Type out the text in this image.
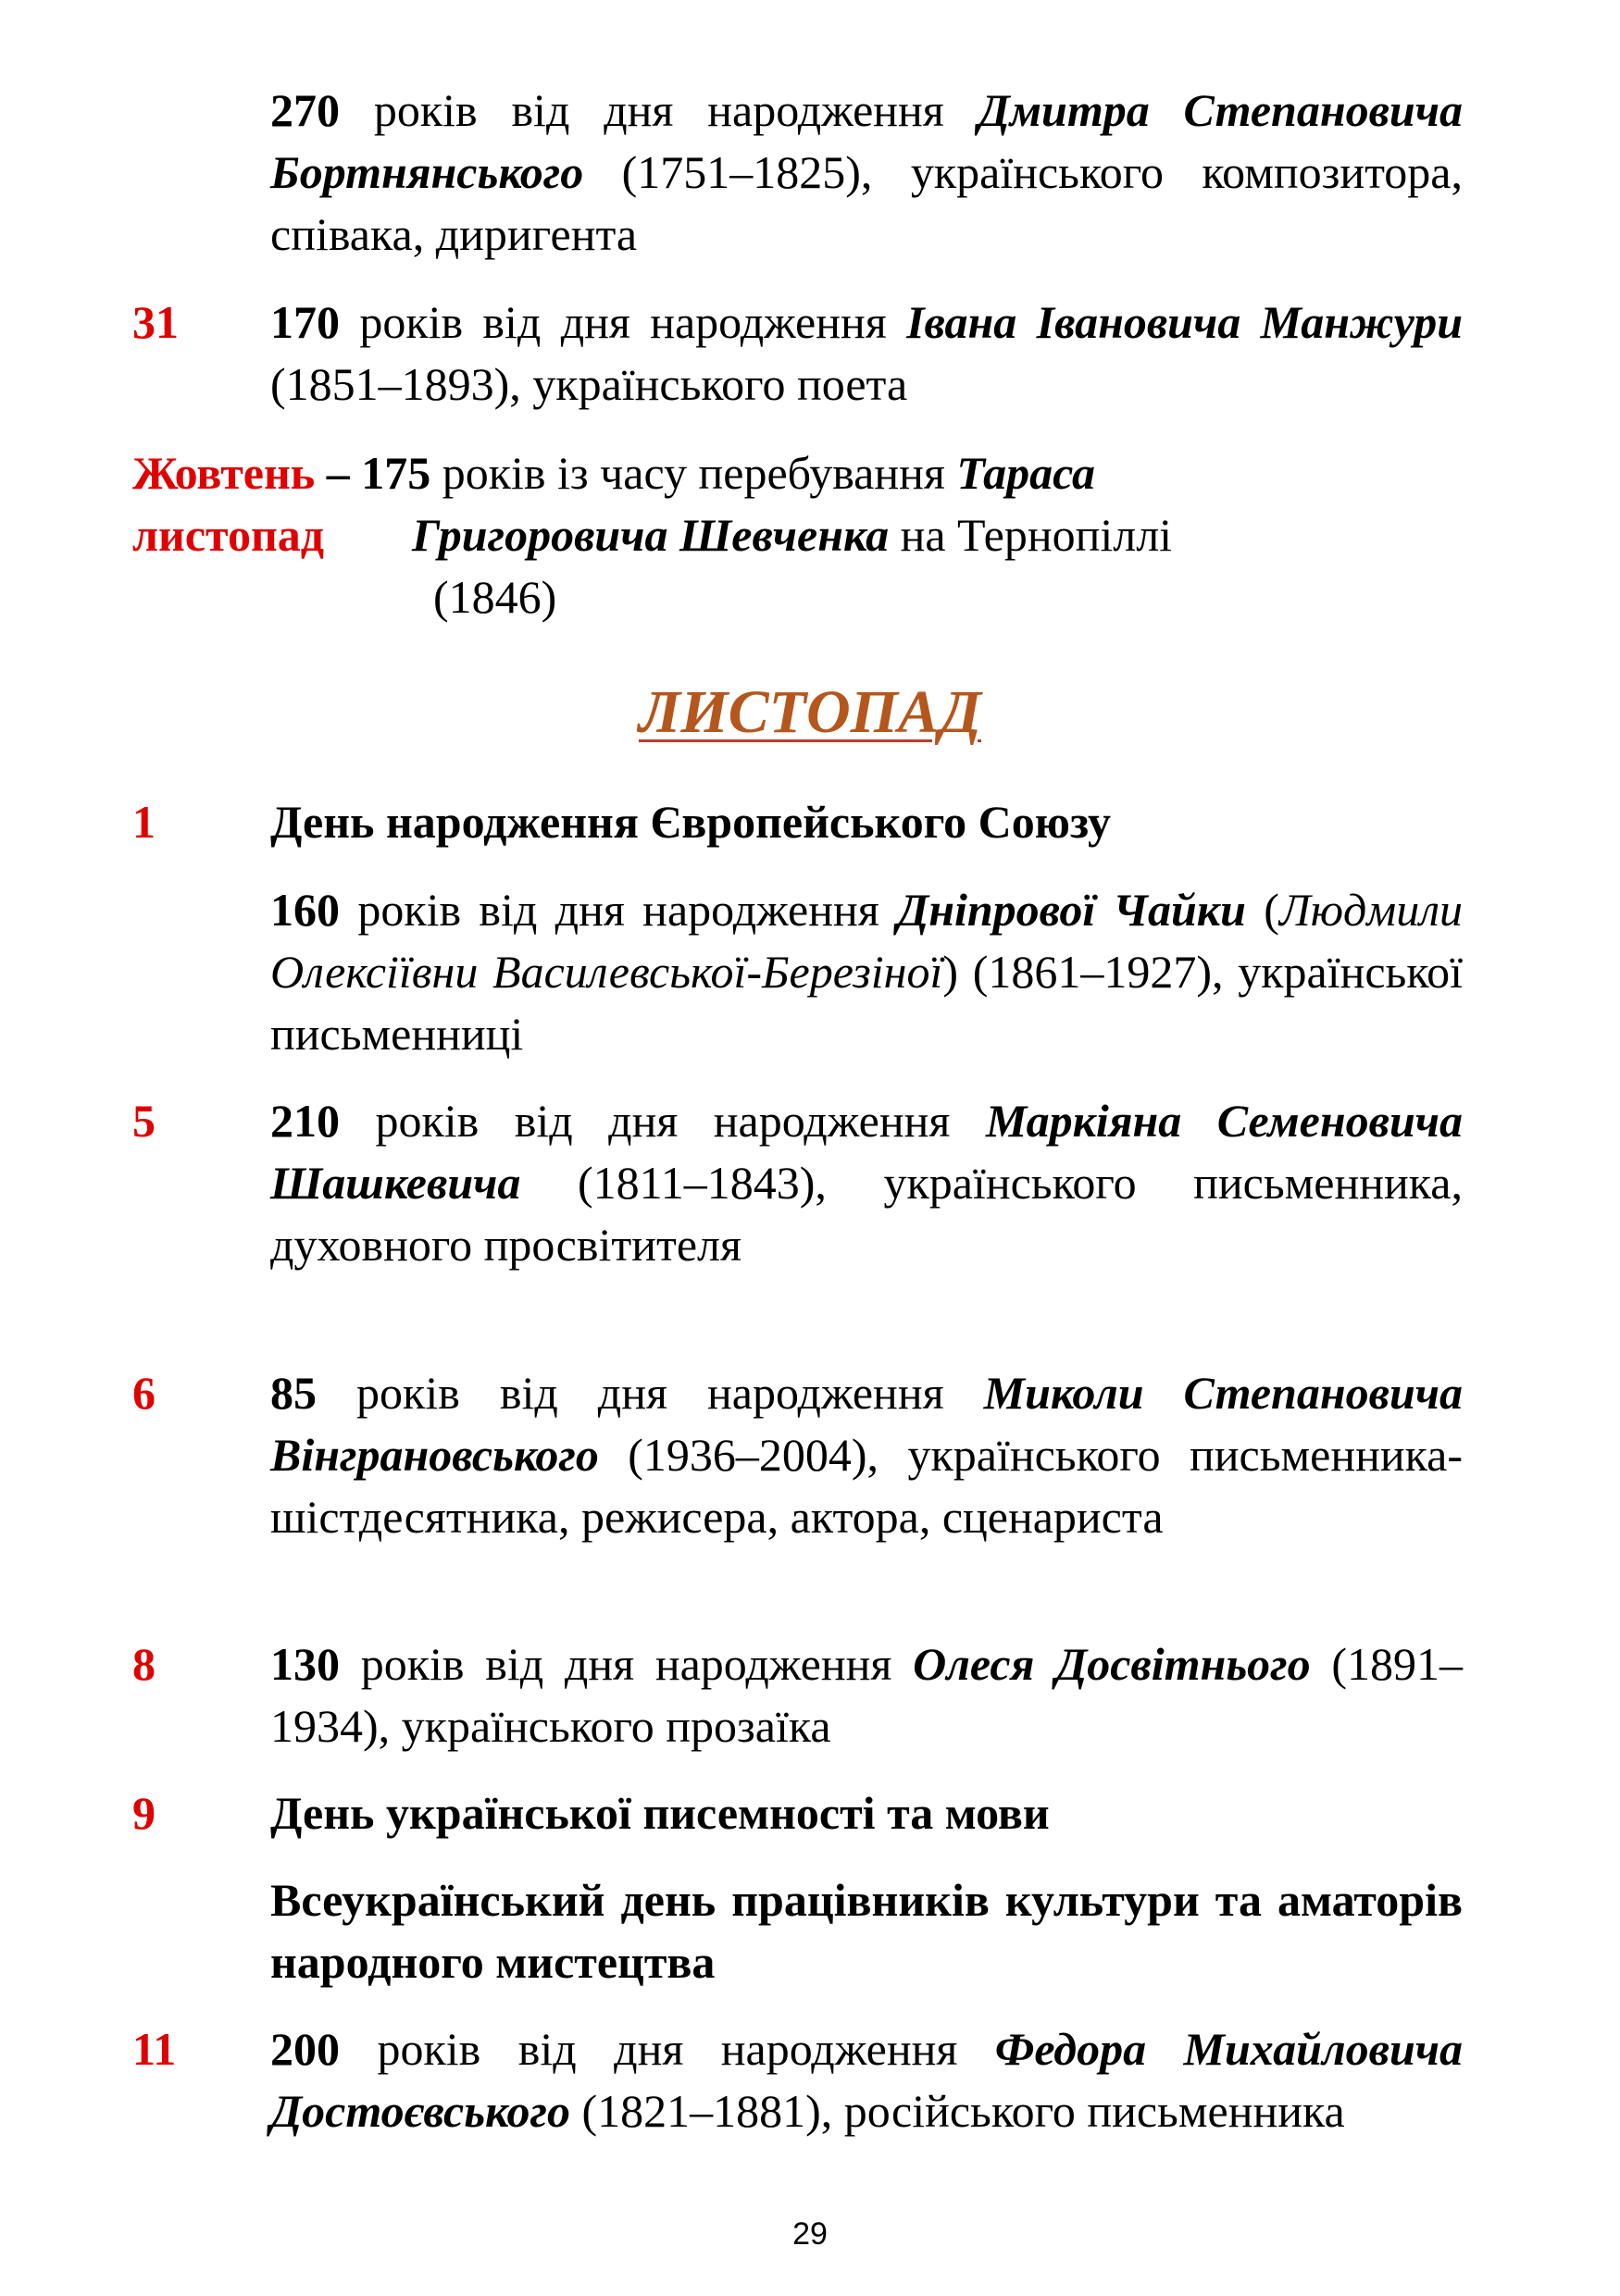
270 років від дня народження Дмитра Степановича Бортнянського (1751–1825), українського композитора, співака, диригента
31 170 років від дня народження Івана Івановича Манжури (1851–1893), українського поета
Жовтень – 175 років із часу перебування Тараса
листопад Григоровича Шевченка на Тернопіллі
(1846)
ЛИСТОПАД
1 День народження Європейського Союзу
160 років від дня народження Дніпрової Чайки (Людмили Олексіївни Василевської-Березіної) (1861–1927), української письменниці
5 210 років від дня народження Маркіяна Семеновича Шашкевича (1811–1843), українського письменника, духовного просвітителя
6 85 років від дня народження Миколи Степановича Вінграновського (1936–2004), українського письменника-шістдесятника, режисера, актора, сценариста
8 130 років від дня народження Олеся Досвітнього (1891–1934), українського прозаїка
9 День української писемності та мови
Всеукраїнський день працівників культури та аматорів народного мистецтва
11 200 років від дня народження Федора Михайловича Достоєвського (1821–1881), російського письменника
29
